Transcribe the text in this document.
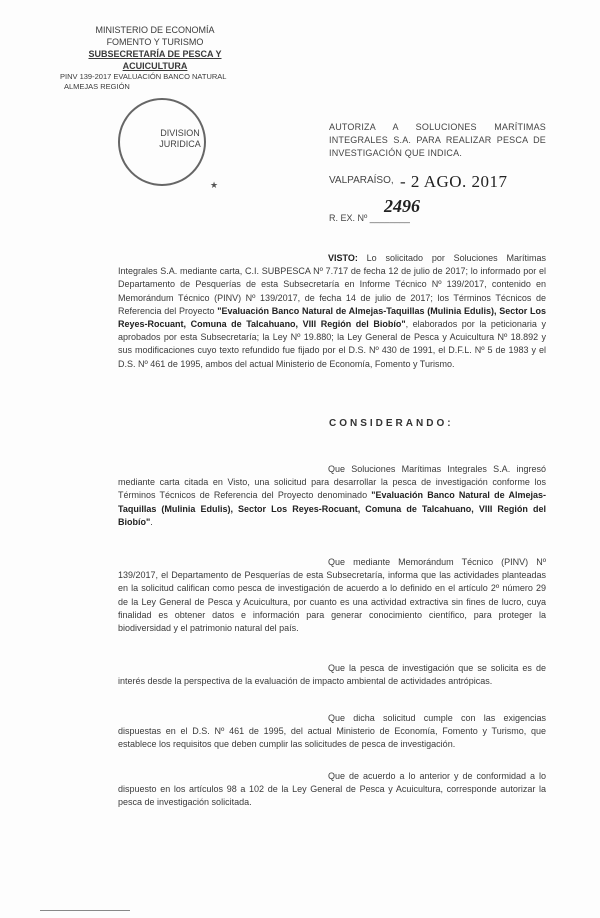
MINISTERIO DE ECONOMÍA
FOMENTO Y TURISMO
SUBSECRETARÍA DE PESCA Y ACUICULTURA
PINV 139-2017 EVALUACIÓN BANCO NATURAL
ALMEJAS REGIÓN
DIVISION
JURIDICA
★
AUTORIZA A SOLUCIONES MARÍTIMAS INTEGRALES S.A. PARA REALIZAR PESCA DE INVESTIGACIÓN QUE INDICA.
VALPARAÍSO, - 2 AGO. 2017
2496
R. EX. Nº ________
VISTO: Lo solicitado por Soluciones Marítimas Integrales S.A. mediante carta, C.I. SUBPESCA Nº 7.717 de fecha 12 de julio de 2017; lo informado por el Departamento de Pesquerías de esta Subsecretaría en Informe Técnico Nº 139/2017, contenido en Memorándum Técnico (PINV) Nº 139/2017, de fecha 14 de julio de 2017; los Términos Técnicos de Referencia del Proyecto "Evaluación Banco Natural de Almejas-Taquillas (Mulinia Edulis), Sector Los Reyes-Rocuant, Comuna de Talcahuano, VIII Región del Biobío", elaborados por la peticionaria y aprobados por esta Subsecretaría; la Ley Nº 19.880; la Ley General de Pesca y Acuicultura Nº 18.892 y sus modificaciones cuyo texto refundido fue fijado por el D.S. Nº 430 de 1991, el D.F.L. Nº 5 de 1983 y el D.S. Nº 461 de 1995, ambos del actual Ministerio de Economía, Fomento y Turismo.
CONSIDERANDO:
Que Soluciones Marítimas Integrales S.A. ingresó mediante carta citada en Visto, una solicitud para desarrollar la pesca de investigación conforme los Términos Técnicos de Referencia del Proyecto denominado "Evaluación Banco Natural de Almejas-Taquillas (Mulinia Edulis), Sector Los Reyes-Rocuant, Comuna de Talcahuano, VIII Región del Biobío".
Que mediante Memorándum Técnico (PINV) Nº 139/2017, el Departamento de Pesquerías de esta Subsecretaría, informa que las actividades planteadas en la solicitud califican como pesca de investigación de acuerdo a lo definido en el artículo 2º número 29 de la Ley General de Pesca y Acuicultura, por cuanto es una actividad extractiva sin fines de lucro, cuya finalidad es obtener datos e información para generar conocimiento científico, para proteger la biodiversidad y el patrimonio natural del país.
Que la pesca de investigación que se solicita es de interés desde la perspectiva de la evaluación de impacto ambiental de actividades antrópicas.
Que dicha solicitud cumple con las exigencias dispuestas en el D.S. Nº 461 de 1995, del actual Ministerio de Economía, Fomento y Turismo, que establece los requisitos que deben cumplir las solicitudes de pesca de investigación.
Que de acuerdo a lo anterior y de conformidad a lo dispuesto en los artículos 98 a 102 de la Ley General de Pesca y Acuicultura, corresponde autorizar la pesca de investigación solicitada.
